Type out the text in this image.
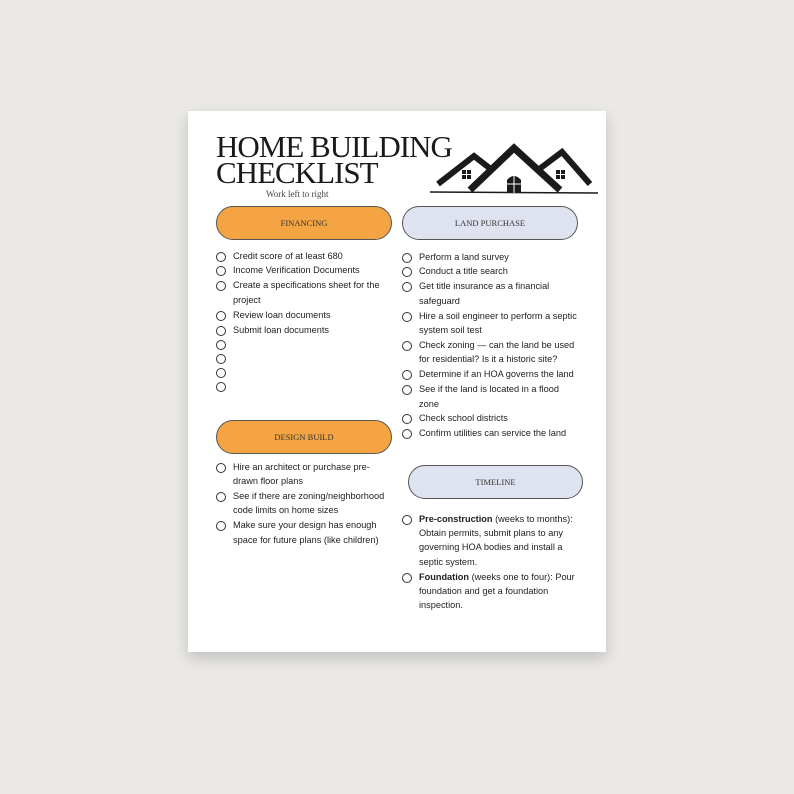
HOME BUILDING
CHECKLIST
Work left to right
FINANCING
Credit score of at least 680
Income Verification Documents
Create a specifications sheet for the project
Review loan documents
Submit loan documents
DESIGN BUILD
Hire an architect or purchase pre-drawn floor plans
See if there are zoning/neighborhood code limits on home sizes
Make sure your design has enough space for future plans (like children)
LAND PURCHASE
Perform a land survey
Conduct a title search
Get title insurance as a financial safeguard
Hire a soil engineer to perform a septic system soil test
Check zoning — can the land be used for residential? Is it a historic site?
Determine if an HOA governs the land
See if the land is located in a flood zone
Check school districts
Confirm utilities can service the land
TIMELINE
Pre-construction (weeks to months): Obtain permits, submit plans to any governing HOA bodies and install a septic system.
Foundation (weeks one to four): Pour foundation and get a foundation inspection.
